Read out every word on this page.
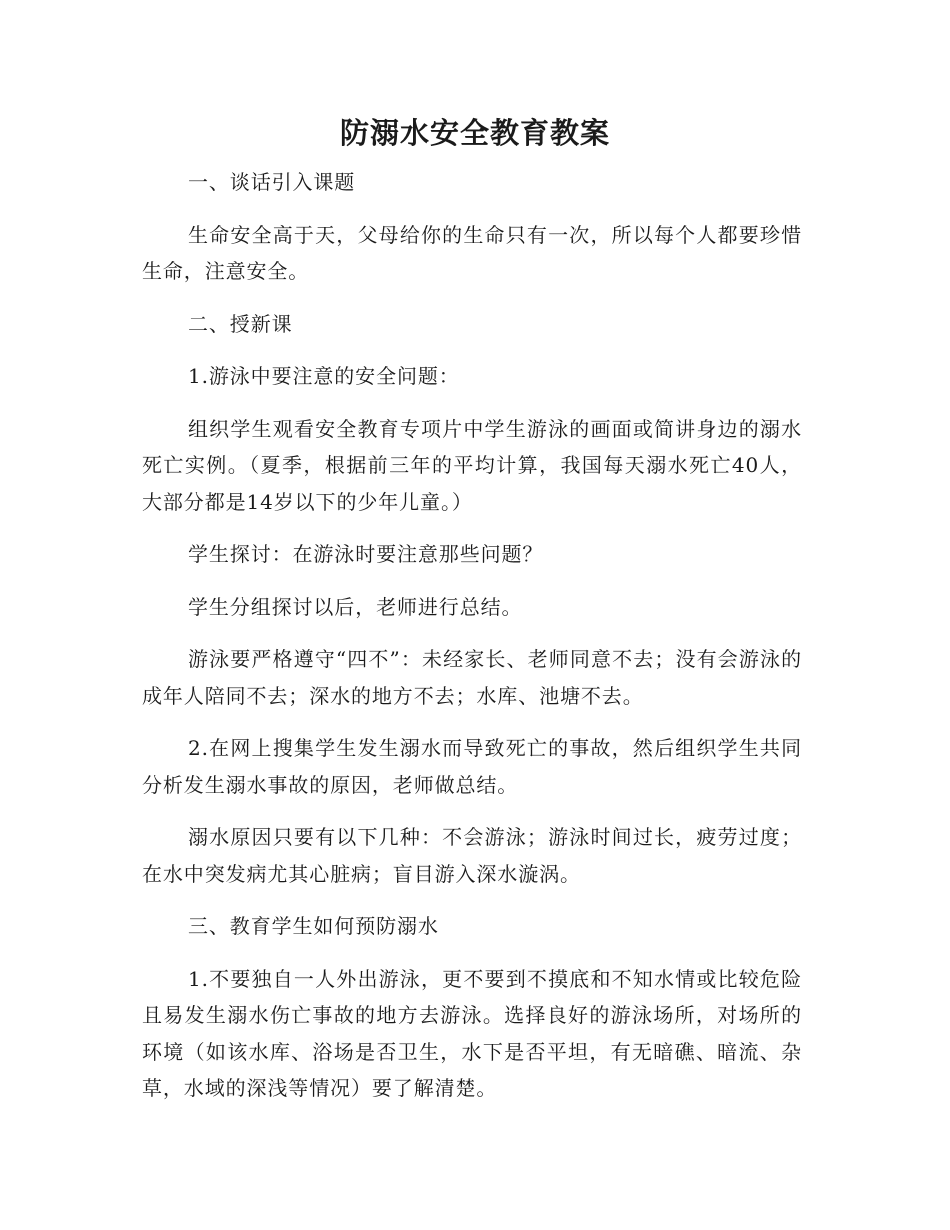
防溺水安全教育教案

一、谈话引入课题

生命安全高于天，父母给你的生命只有一次，所以每个人都要珍惜生命，注意安全。

二、授新课

1.游泳中要注意的安全问题：

组织学生观看安全教育专项片中学生游泳的画面或简讲身边的溺水死亡实例。（夏季，根据前三年的平均计算，我国每天溺水死亡40人，大部分都是14岁以下的少年儿童。）

学生探讨：在游泳时要注意那些问题？

学生分组探讨以后，老师进行总结。

游泳要严格遵守“四不”：未经家长、老师同意不去；没有会游泳的成年人陪同不去；深水的地方不去；水库、池塘不去。

2.在网上搜集学生发生溺水而导致死亡的事故，然后组织学生共同分析发生溺水事故的原因，老师做总结。

溺水原因只要有以下几种：不会游泳；游泳时间过长，疲劳过度；在水中突发病尤其心脏病；盲目游入深水漩涡。

三、教育学生如何预防溺水

1.不要独自一人外出游泳，更不要到不摸底和不知水情或比较危险且易发生溺水伤亡事故的地方去游泳。选择良好的游泳场所，对场所的环境（如该水库、浴场是否卫生，水下是否平坦，有无暗礁、暗流、杂草，水域的深浅等情况）要了解清楚。
